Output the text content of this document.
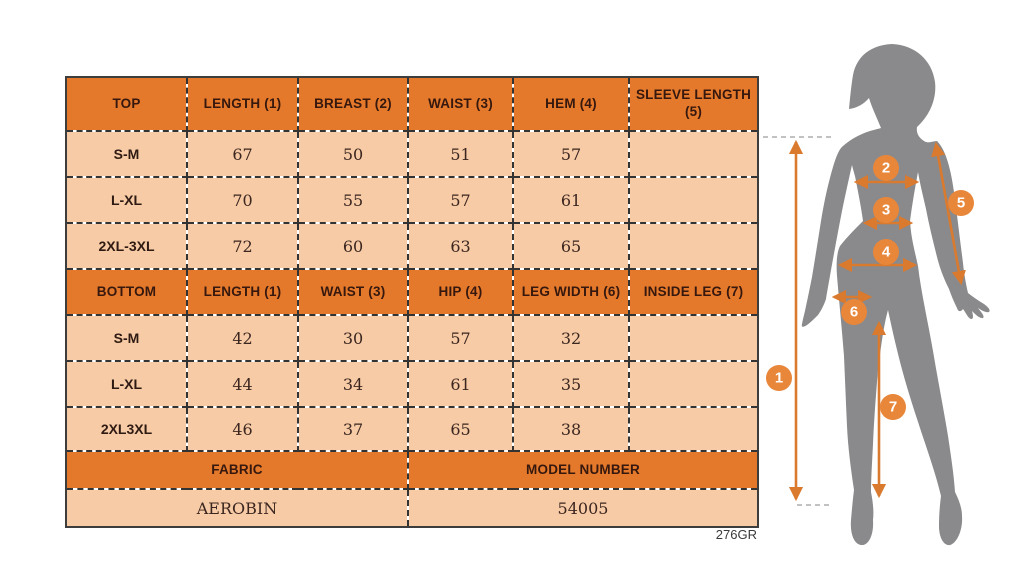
TOP	LENGTH (1)	BREAST (2)	WAIST (3)	HEM (4)	SLEEVE LENGTH (5)
S-M	67	50	51	57	
L-XL	70	55	57	61	
2XL-3XL	72	60	63	65	
BOTTOM	LENGTH (1)	WAIST (3)	HIP (4)	LEG WIDTH (6)	INSIDE LEG (7)
S-M	42	30	57	32	
L-XL	44	34	61	35	
2XL3XL	46	37	65	38	
FABRIC			MODEL NUMBER		
AEROBIN			54005		
276GR
1
2
3
4
5
6
7
